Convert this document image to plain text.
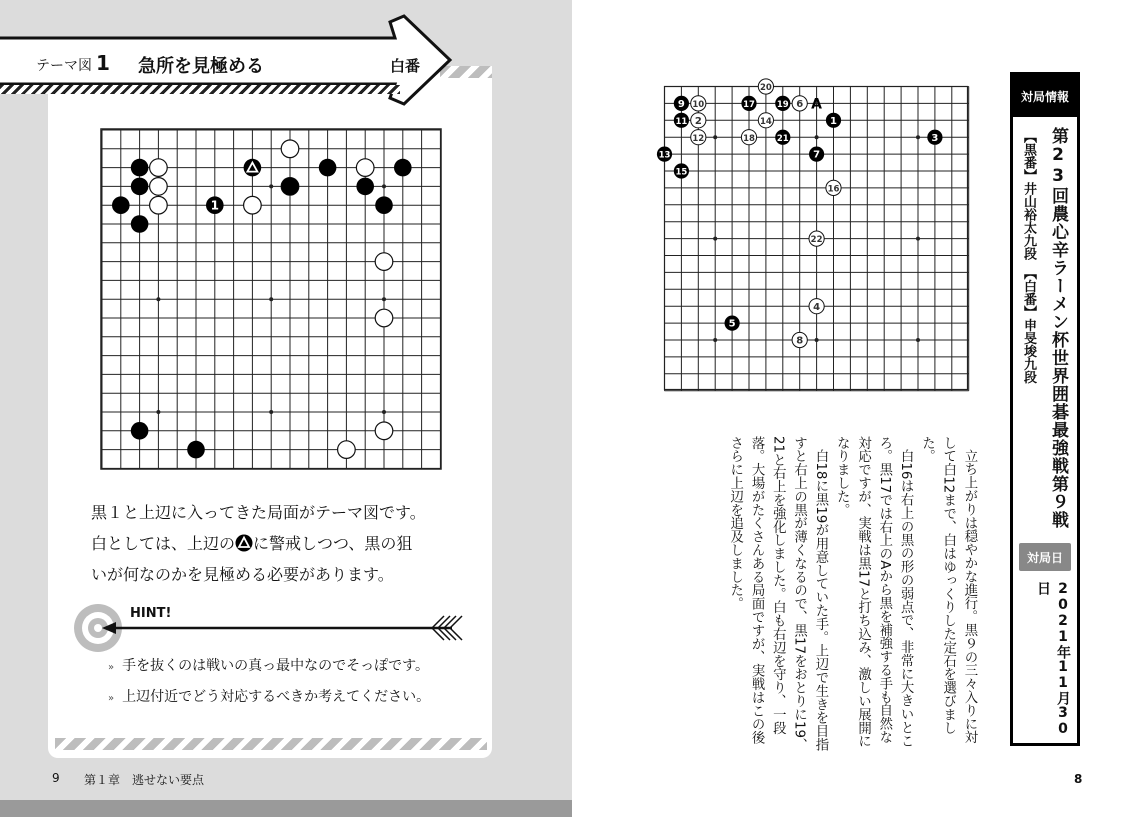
テーマ図 1 急所を見極める	白番
1

黒１と上辺に入ってきた局面がテーマ図です。

白としては、上辺の に警戒しつつ、黒の狙

いが何なのかを見極める必要があります。

HINT!
» 手を抜くのは戦いの真っ最中なのでそっぽです。
» 上辺付近でどう対応するべきか考えてください。
9 第１章　逃せない要点
2
4
6
8
10
12
14
16
18
20
22
3
9
11
13
15
5
17	19
21
1
7
A

立ち上がりは穏やかな進行。黒９の三々入りに対して白12まで、白はゆっくりした定石を選びました。

白16は右上の黒の形の弱点で、非常に大きいところ。黒17では右上のAから黒を補強する手も自然な対応ですが、実戦は黒17と打ち込み、激しい展開になりました。

白18に黒19が用意していた手。上辺で生きを目指すと右上の黒が薄くなるので、黒17をおとりに19、21と右上を強化しました。白も右辺を守り、一段落。大場がたくさんある局面ですが、実戦はこの後さらに上辺を追及しました。

対局情報
第23回農心辛ラーメン杯世界囲碁最強戦第９戦
【黒番】井山裕太九段　【白番】申旻埈九段
対局日
2021年11月30日
8
